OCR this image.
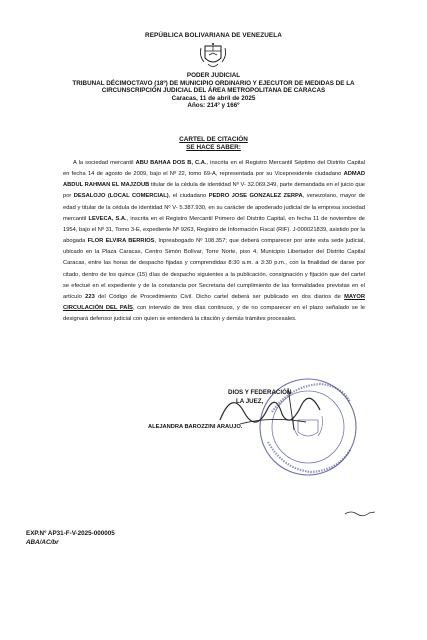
REPÚBLICA BOLIVARIANA DE VENEZUELA
PODER JUDICIAL
TRIBUNAL DÉCIMOCTAVO (18º) DE MUNICIPIO ORDINARIO Y EJECUTOR DE MEDIDAS DE LA
CIRCUNSCRIPCIÓN JUDICIAL DEL ÁREA METROPOLITANA DE CARACAS
Caracas, 11 de abril de 2025
Años: 214º y 166º
CARTEL DE CITACIÓN
SE HACE SABER:

A la sociedad mercantil ABU BAHAA DOS B, C.A., inscrita en el Registro Mercantil Séptimo del Distrito Capital en fecha 14 de agosto de 2009, bajo el Nº 22, tomo 69-A, representada por su Vicepresidente ciudadano ADMAD ABDUL RAHMAN EL MAJZOUB titular de la cédula de identidad Nº V- 32.069.349, parte demandada en el juicio que por DESALOJO (LOCAL COMERCIAL), el ciudadano PEDRO JOSE GONZALEZ ZERPA, venezolano, mayor de edad y titular de la cédula de identidad Nº V- 5.387.930, en su carácter de apoderado judicial de la empresa sociedad mercantil LEVECA, S.A., inscrita en el Registro Mercantil Primero del Distrito Capital, en fecha 11 de noviembre de 1954, bajo el Nº 31, Tomo 3-E, expediente Nº 9263, Registro de Información Fiscal (RIF). J-000021839, asistido por la abogada FLOR ELVIRA BERRIOS, Inpreabogado Nº 108.357; que deberá comparecer por ante esta sede judicial, ubicado en la Plaza Caracas, Centro Simón Bolívar, Torre Norte, piso 4, Municipio Libertador del Distrito Capital Caracas, entre las horas de despacho fijadas y comprendidas 8:30 a.m. a 3:30 p.m., con la finalidad de darse por citado, dentro de los quince (15) días de despacho siguientes a la publicación, consignación y fijación que del cartel se efectué en el expediente y de la constancia por Secretaria del cumplimiento de las formalidades previstas en el artículo 223 del Código de Procedimiento Civil. Dicho cartel deberá ser publicado en dos diarios de MAYOR CIRCULACIÓN DEL PAÍS, con intervalo de tres días continuos, y de no comparecer en el plazo señalado se le designará defensor judicial con quien se entenderá la citación y demás trámites procesales.

DIOS Y FEDERACIÓN
LA JUEZ,
ALEJANDRA BAROZZINI ARAUJO.
EXP.Nº AP31-F-V-2025-000005
ABA/AC/br
